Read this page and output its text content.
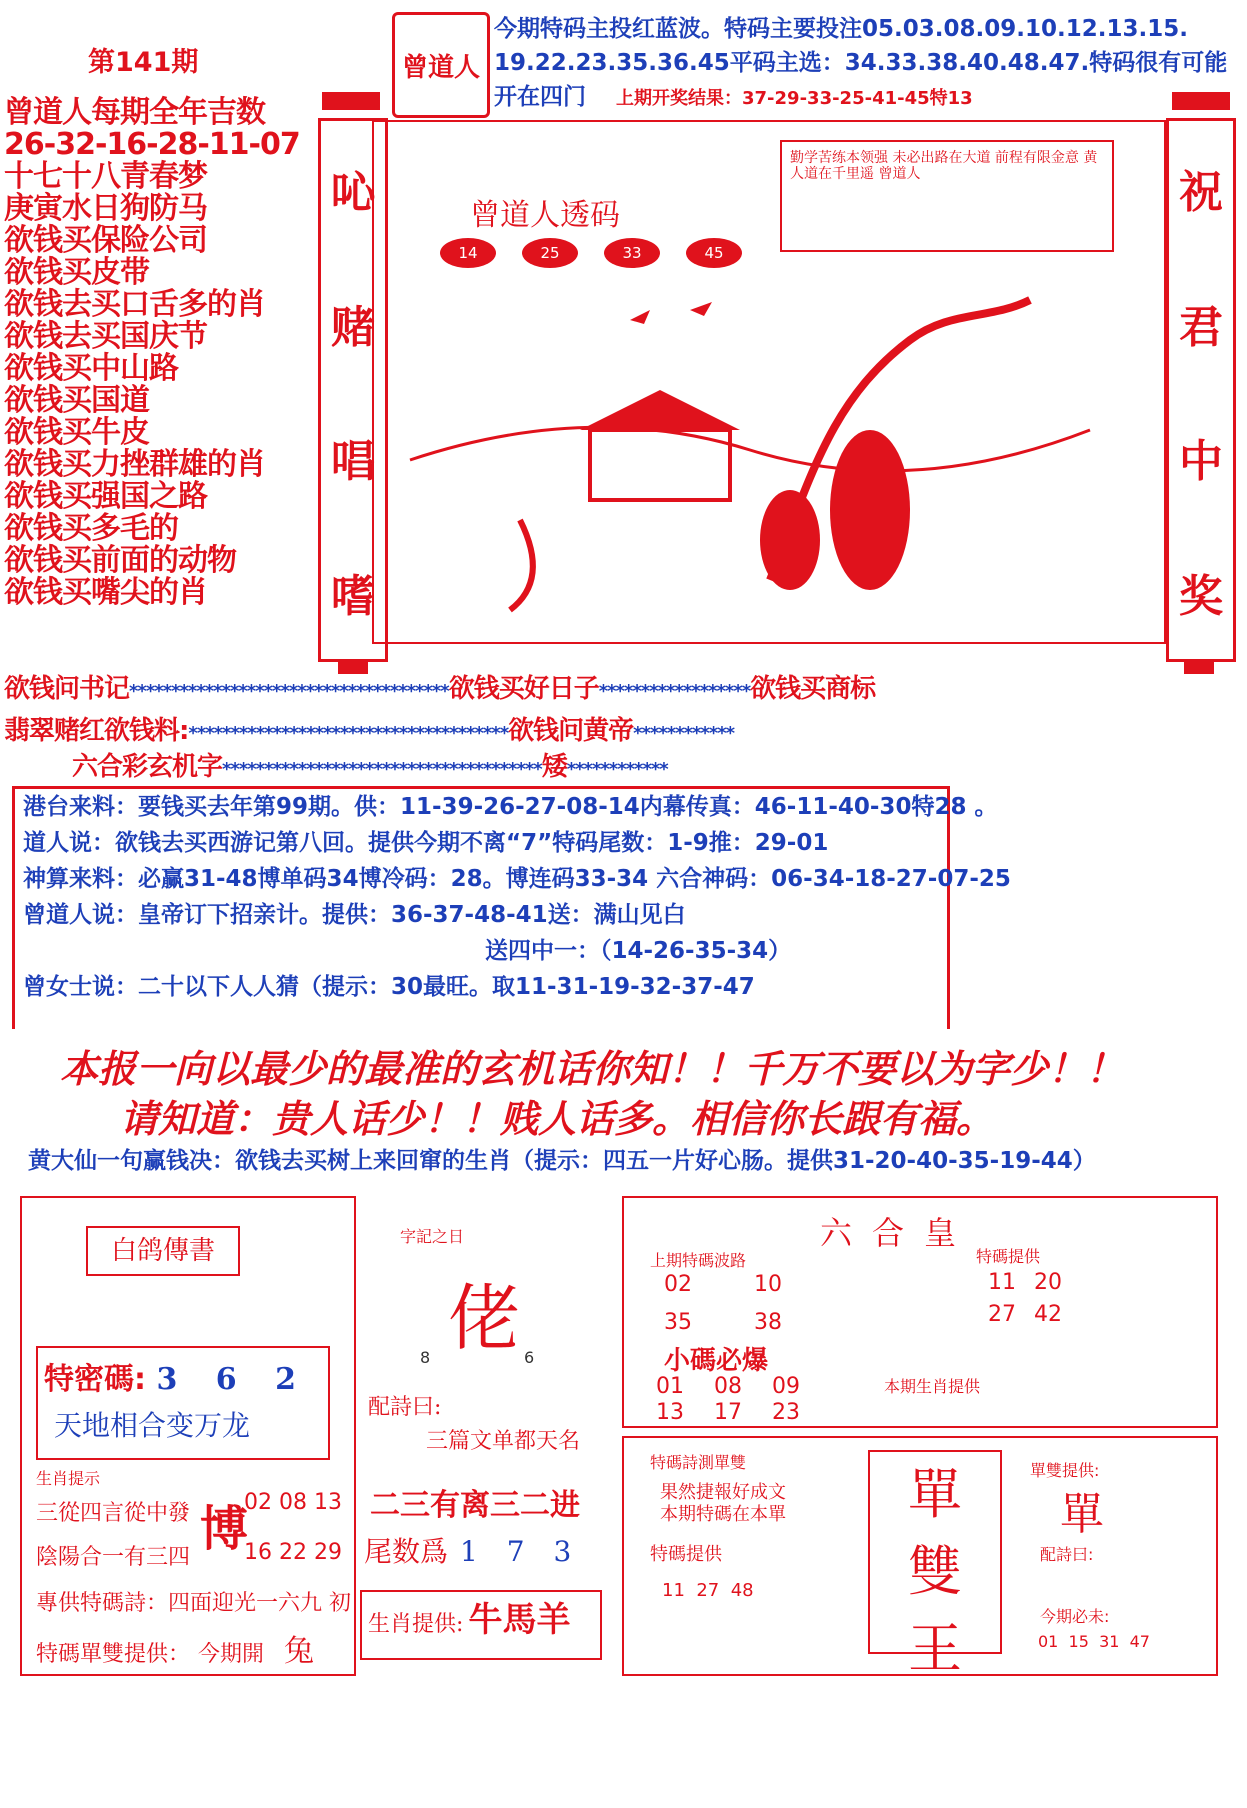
第141期
曾道人每期全年吉数
26-32-16-28-11-07
十七十八青春梦
庚寅水日狗防马
欲钱买保险公司
欲钱买皮带
欲钱去买口舌多的肖
欲钱去买国庆节
欲钱买中山路
欲钱买国道
欲钱买牛皮
欲钱买力挫群雄的肖
欲钱买强国之路
欲钱买多毛的
欲钱买前面的动物
欲钱买嘴尖的肖
曾道人
今期特码主投红蓝波。特码主要投注05.03.08.09.10.12.13.15.
19.22.23.35.36.45平码主选：34.33.38.40.48.47.特码很有可能
开在四门 上期开奖结果：37-29-33-25-41-45特13
吣
赌
唱
嗜
祝
君
中
奖
曾道人透码
14	25	33	45
勤学苦练本领强 未必出路在大道 前程有限金意 黄人道在千里遥 曾道人
欲钱问书记**************************************欲钱买好日子******************欲钱买商标
翡翠赌红欲钱料:**************************************欲钱问黄帝************
六合彩玄机字**************************************矮************
港台来料：要钱买去年第99期。供：11-39-26-27-08-14内幕传真：46-11-40-30特28 。
道人说：欲钱去买西游记第八回。提供今期不离“7”特码尾数：1-9推：29-01
神算来料：必赢31-48博单码34博冷码：28。博连码33-34 六合神码：06-34-18-27-07-25
曾道人说：皇帝订下招亲计。提供：36-37-48-41送：满山见白
送四中一：（14-26-35-34）
曾女士说：二十以下人人猜（提示：30最旺。取11-31-19-32-37-47
本报一向以最少的最准的玄机话你知！！千万不要以为字少！！
请知道：贵人话少！！贱人话多。相信你长跟有福。
黄大仙一句赢钱决：欲钱去买树上来回窜的生肖（提示：四五一片好心肠。提供31-20-40-35-19-44）
白鸽傳書
特密碼: 3 6 2
天地相合变万龙
生肖提示
三從四言從中發
陰陽合一有三四
博
02 08 13
16 22 29
專供特碼詩：四面迎光一六九 初
特碼單雙提供： 今期開 兔
字記之日
佬
8	6
配詩曰:
三篇文单都天名
二三有离三二进
尾数爲 1 7 3
生肖提供: 牛馬羊
六合皇
上期特碼波路
02	10
35	38
特碼提供
11 20
27 42
小碼必爆
01 08 09
13 17 23
本期生肖提供
特碼詩測單雙
果然捷報好成文
本期特碼在本單
特碼提供
11  27  48
單
雙
王
單雙提供:
單
配詩曰:
今期必未:
01  15  31  47
